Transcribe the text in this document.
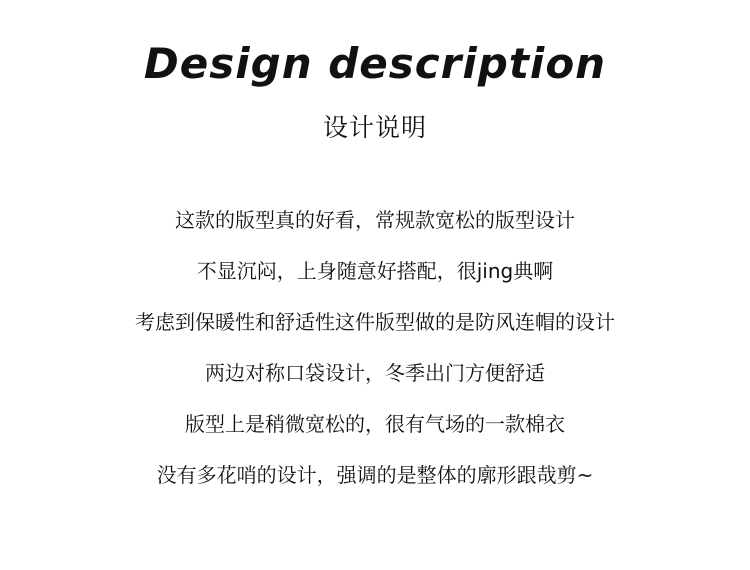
Design description
设计说明
这款的版型真的好看，常规款宽松的版型设计
不显沉闷，上身随意好搭配，很jing典啊
考虑到保暖性和舒适性这件版型做的是防风连帽的设计
两边对称口袋设计，冬季出门方便舒适
版型上是稍微宽松的，很有气场的一款棉衣
没有多花哨的设计，强调的是整体的廓形跟哉剪~
